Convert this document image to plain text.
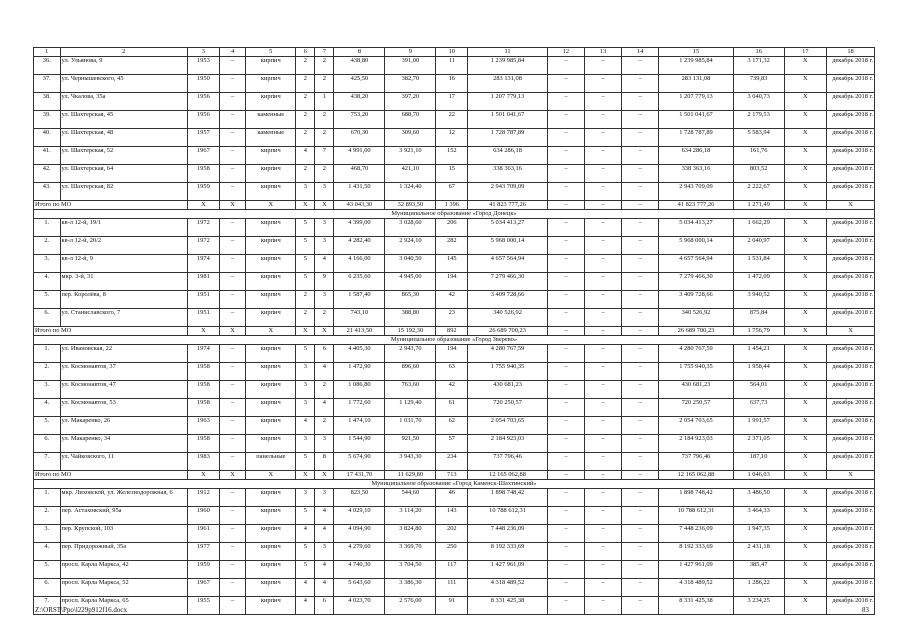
1	2	3	4	5	6	7	8	9	10	11	12	13	14	15	16	17	18
36.	ул. Ульянова, 9	1953	–	кирпич	2	2	438,80	391,00	11	1 239 985,84	–	–	–	1 239 985,84	3 171,32	X	декабрь 2018 г.
37.	ул. Чернышевского, 45	1950	–	кирпич	2	2	425,50	382,70	16	283 131,08	–	–	–	283 131,08	739,83	X	декабрь 2018 г.
38.	ул. Чкалова, 35а	1956	–	кирпич	2	1	438,20	397,20	17	1 207 779,13	–	–	–	1 207 779,13	3 040,73	X	декабрь 2018 г.
39.	ул. Шахтерская, 45	1956	–	каменные	2	2	753,20	688,70	22	1 501 041,67	–	–	–	1 501 041,67	2 179,53	X	декабрь 2018 г.
40.	ул. Шахтерская, 48	1957	–	каменные	2	2	670,30	309,60	12	1 728 787,89	–	–	–	1 728 787,89	5 583,94	X	декабрь 2018 г.
41.	ул. Шахтерская, 52	1967	–	кирпич	4	7	4 991,00	3 921,10	152	634 286,18	–	–	–	634 286,18	161,76	X	декабрь 2018 г.
42.	ул. Шахтерская, 64	1958	–	кирпич	2	2	468,70	421,10	15	338 363,16	–	–	–	338 363,16	803,52	X	декабрь 2018 г.
43.	ул. Шахтерская, 82	1959	–	кирпич	3	3	1 431,50	1 324,40	67	2 943 709,09	–	–	–	2 943 709,09	2 222,67	X	декабрь 2018 г.
Итого по МО		X	X	X	X	X	43 043,30	32 893,50	1 396	41 823 777,26	–	–	–	41 823 777,26	1 271,49	X	X
Муниципальное образование «Город Донецк»																	
1.	кв-л 12-й, 19/1	1972	–	кирпич	5	3	4 399,00	3 028,60	206	5 034 413,27	–	–	–	5 034 413,27	1 662,29	X	декабрь 2018 г.
2.	кв-л 12-й, 20/2	1972	–	кирпич	5	3	4 282,40	2 924,10	282	5 968 000,14	–	–	–	5 968 000,14	2 040,97	X	декабрь 2018 г.
3.	кв-л 12-й, 9	1974	–	кирпич	5	4	4 166,00	3 040,50	145	4 657 564,94	–	–	–	4 657 564,94	1 531,84	X	декабрь 2018 г.
4.	мкр. 3-й, 31	1981	–	кирпич	5	9	6 235,60	4 945,00	194	7 279 466,30	–	–	–	7 279 466,30	1 472,09	X	декабрь 2018 г.
5.	пер. Королёва, 8	1951	–	кирпич	2	3	1 587,40	865,30	42	3 409 728,66	–	–	–	3 409 728,66	3 940,52	X	декабрь 2018 г.
6.	ул. Станиславского, 7	1951	–	кирпич	2	2	743,10	388,80	23	340 526,92	–	–	–	340 526,92	875,84	X	декабрь 2018 г.
Итого по МО		X	X	X	X	X	21 413,50	15 192,30	892	26 689 700,23	–	–	–	26 689 700,23	1 756,79	X	X
Муниципальное образование «Город Зверево»																	
1.	ул. Ивановская, 22	1974	–	кирпич	5	6	4 405,30	2 943,70	194	4 280 767,59	–	–	–	4 280 767,59	1 454,21	X	декабрь 2018 г.
2.	ул. Космонавтов, 37	1958	–	кирпич	3	4	1 472,90	896,60	63	1 755 940,35	–	–	–	1 755 940,35	1 958,44	X	декабрь 2018 г.
3.	ул. Космонавтов, 47	1958	–	кирпич	3	2	1 086,80	763,60	42	430 681,23	–	–	–	430 681,23	564,01	X	декабрь 2018 г.
4.	ул. Космонавтов, 53	1958	–	кирпич	3	4	1 772,60	1 129,40	61	720 250,57	–	–	–	720 250,57	637,73	X	декабрь 2018 г.
5.	ул. Макаренко, 26	1963	–	кирпич	4	2	1 474,10	1 031,70	62	2 054 703,65	–	–	–	2 054 703,65	1 991,57	X	декабрь 2018 г.
6.	ул. Макаренко, 34	1958	–	кирпич	3	3	1 544,90	921,50	57	2 184 923,03	–	–	–	2 184 923,03	2 371,05	X	декабрь 2018 г.
7.	ул. Чайковского, 11	1983	–	панельные	5	8	5 674,90	3 943,30	234	737 796,46	–	–	–	737 796,46	187,10	X	декабрь 2018 г.
Итого по МО		X	X	X	X	X	17 431,70	11 629,80	713	12 165 062,88	–	–	–	12 165 062,88	1 046,03	X	X
Муниципальное образование «Город Каменск-Шахтинский»																	
1.	мкр. Лиховской, ул. Железнодорожная, 6	1912	–	кирпич	3	3	823,50	544,60	46	1 898 748,42	–	–	–	1 898 748,42	3 486,50	X	декабрь 2018 г.
2.	пер. Астаховский, 95а	1960	–	кирпич	5	4	4 029,10	3 114,20	143	10 788 612,31	–	–	–	10 788 612,31	3 464,33	X	декабрь 2018 г.
3.	пер. Крупской, 103	1961	–	кирпич	4	4	4 094,90	3 824,80	202	7 448 236,09	–	–	–	7 448 236,09	1 947,35	X	декабрь 2018 г.
4.	пер. Придорожный, 35а	1977	–	кирпич	5	3	4 279,60	3 369,70	250	8 192 333,69	–	–	–	8 192 333,69	2 431,18	X	декабрь 2018 г.
5.	просп. Карла Маркса, 42	1959	–	кирпич	5	4	4 740,30	3 704,50	117	1 427 961,09	–	–	–	1 427 961,09	385,47	X	декабрь 2018 г.
6.	просп. Карла Маркса, 52	1967	–	кирпич	4	4	5 643,60	3 386,30	111	4 318 489,52	–	–	–	4 318 489,52	1 286,22	X	декабрь 2018 г.
7.	просп. Карла Маркса, 65	1955	–	кирпич	4	6	4 023,70	2 576,00	91	8 331 425,38	–	–	–	8 331 425,38	3 234,25	X	декабрь 2018 г.
Z:\ORST\Ppo\l229p912f16.docx	83
